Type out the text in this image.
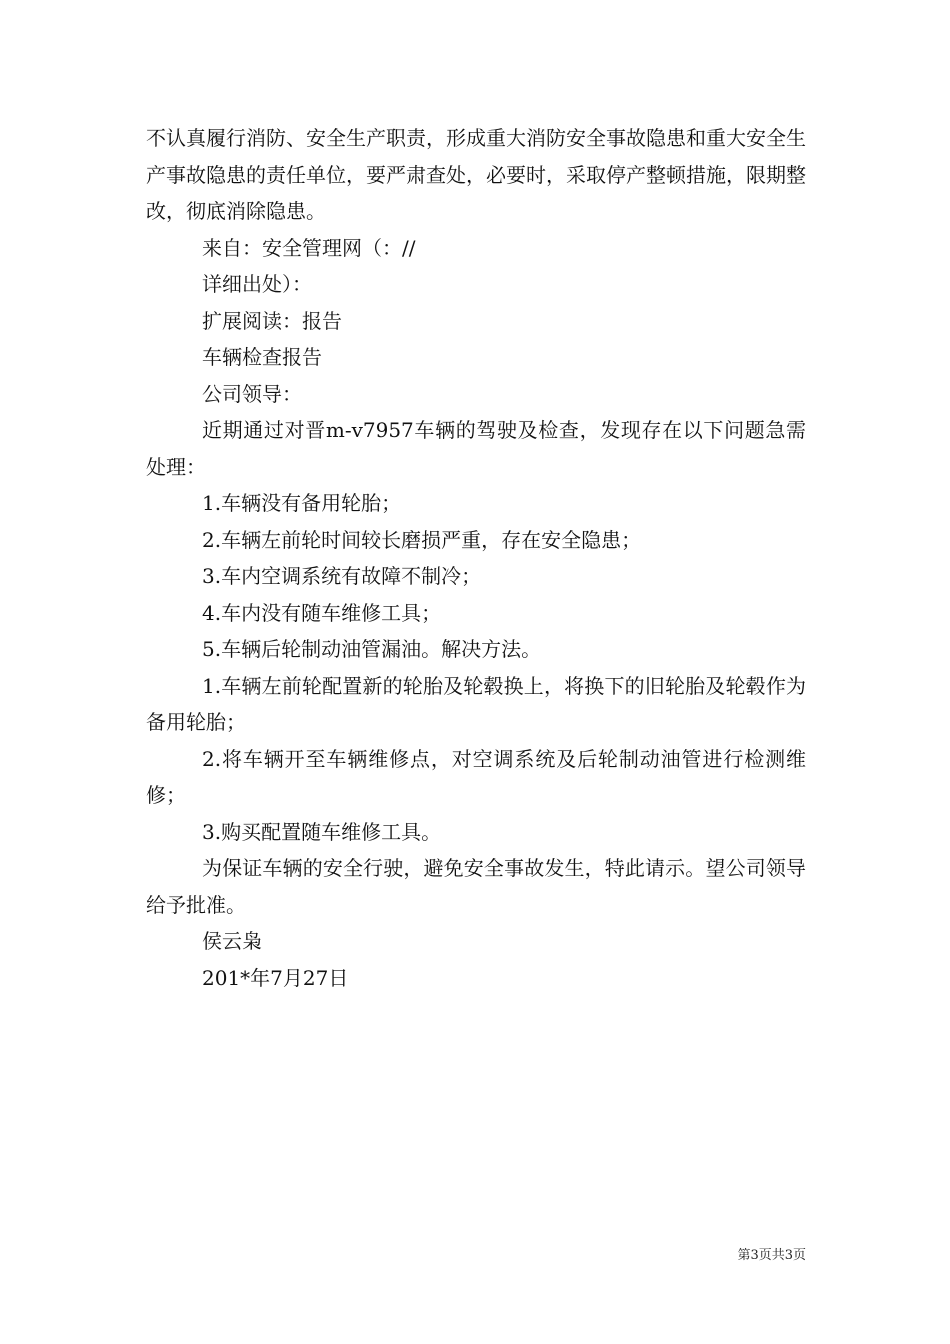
不认真履行消防、安全生产职责，形成重大消防安全事故隐患和重大安全生产事故隐患的责任单位，要严肃查处，必要时，采取停产整顿措施，限期整改，彻底消除隐患。

来自：安全管理网（：//

详细出处）：

扩展阅读：报告

车辆检查报告

公司领导：

近期通过对晋m-v7957车辆的驾驶及检查，发现存在以下问题急需处理：

1.车辆没有备用轮胎；

2.车辆左前轮时间较长磨损严重，存在安全隐患；

3.车内空调系统有故障不制冷；

4.车内没有随车维修工具；

5.车辆后轮制动油管漏油。解决方法。

1.车辆左前轮配置新的轮胎及轮毂换上，将换下的旧轮胎及轮毂作为备用轮胎；

2.将车辆开至车辆维修点，对空调系统及后轮制动油管进行检测维修；

3.购买配置随车维修工具。

为保证车辆的安全行驶，避免安全事故发生，特此请示。望公司领导给予批准。

侯云枭

201*年7月27日

第3页共3页
